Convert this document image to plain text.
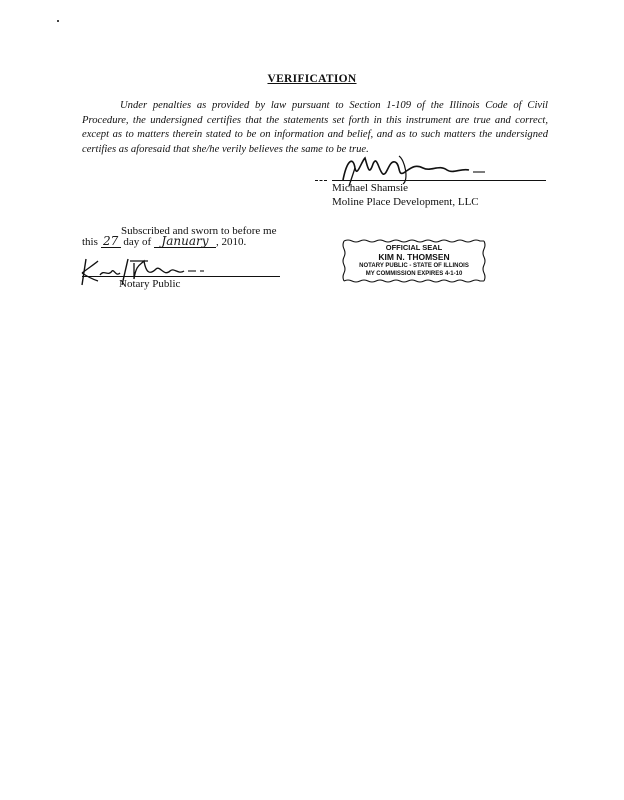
VERIFICATION
Under penalties as provided by law pursuant to Section 1-109 of the Illinois Code of Civil Procedure, the undersigned certifies that the statements set forth in this instrument are true and correct, except as to matters therein stated to be on information and belief, and as to such matters the undersigned certifies as aforesaid that she/he verily believes the same to be true.
Michael Shamsie
Moline Place Development, LLC
Subscribed and sworn to before me
this 27 day of January , 2010.
Notary Public
OFFICIAL SEAL
KIM N. THOMSEN
NOTARY PUBLIC - STATE OF ILLINOIS
MY COMMISSION EXPIRES 4-1-10
